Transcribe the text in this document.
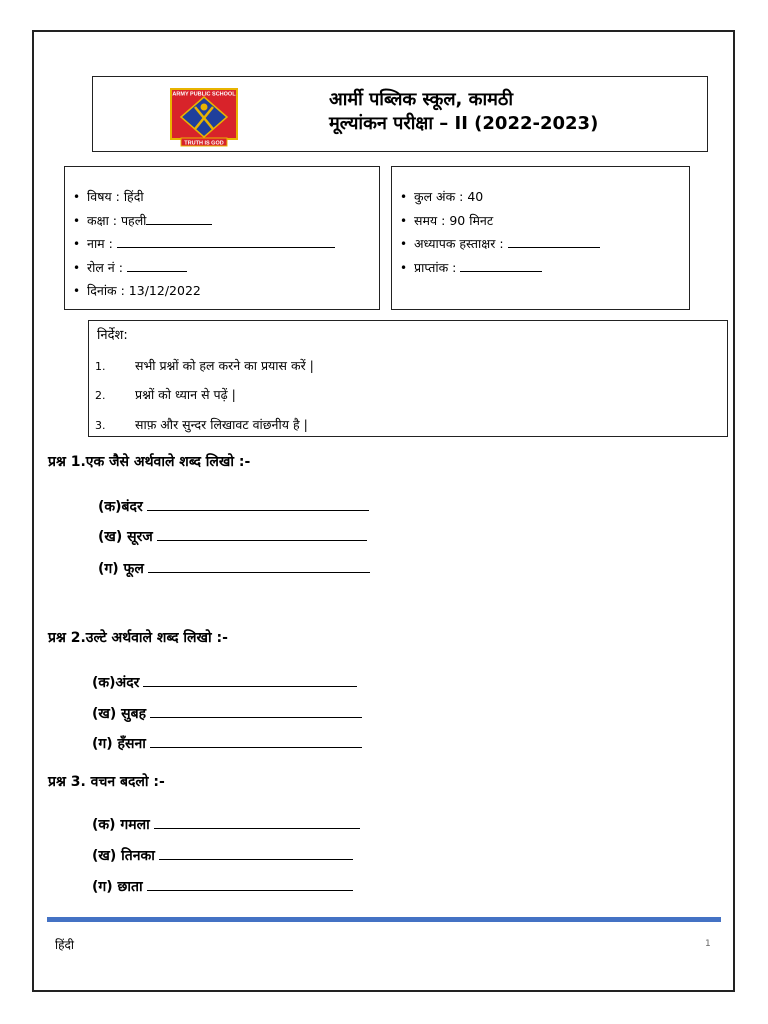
ARMY PUBLIC SCHOOL
TRUTH IS GOD
आर्मी पब्लिक स्कूल, कामठी
मूल्यांकन परीक्षा – II (2022-2023)
• विषय : हिंदी
• कक्षा : पहली
• नाम :
• रोल नं :
• दिनांक : 13/12/2022
• कुल अंक : 40
• समय : 90 मिनट
• अध्यापक हस्ताक्षर :
• प्राप्तांक :
निर्देश:
1. सभी प्रश्नों को हल करने का प्रयास करें |
2. प्रश्नों को ध्यान से पढ़ें |
3. साफ़ और सुन्दर लिखावट वांछनीय है |
प्रश्न 1.एक जैसे अर्थवाले शब्द लिखो :-
(क)बंदर
(ख) सूरज
(ग) फूल
प्रश्न 2.उल्टे अर्थवाले शब्द लिखो :-
(क)अंदर
(ख) सुबह
(ग) हँसना
प्रश्न 3. वचन बदलो :-
(क) गमला
(ख) तिनका
(ग) छाता
हिंदी	1
